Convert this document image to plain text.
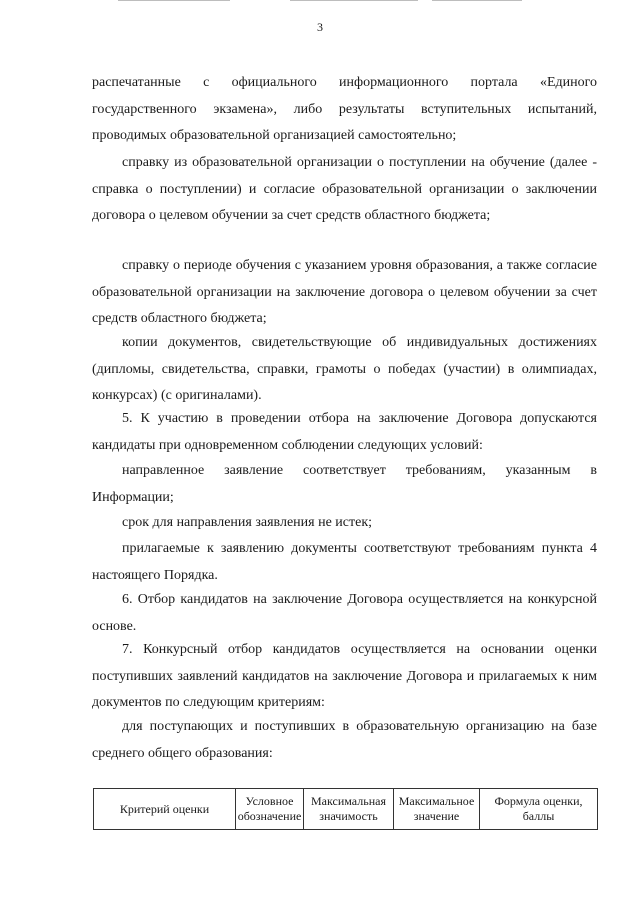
3

распечатанные с официального информационного портала «Единого государственного экзамена», либо результаты вступительных испытаний, проводимых образовательной организацией самостоятельно;

справку из образовательной организации о поступлении на обучение (далее - справка о поступлении) и согласие образовательной организации о заключении договора о целевом обучении за счет средств областного бюджета;

справку о периоде обучения с указанием уровня образования, а также согласие образовательной организации на заключение договора о целевом обучении за счет средств областного бюджета;

копии документов, свидетельствующие об индивидуальных достижениях (дипломы, свидетельства, справки, грамоты о победах (участии) в олимпиадах, конкурсах) (с оригиналами).

5. К участию в проведении отбора на заключение Договора допускаются кандидаты при одновременном соблюдении следующих условий:

направленное заявление соответствует требованиям, указанным в Информации;

срок для направления заявления не истек;

прилагаемые к заявлению документы соответствуют требованиям пункта 4 настоящего Порядка.

6. Отбор кандидатов на заключение Договора осуществляется на конкурсной основе.

7. Конкурсный отбор кандидатов осуществляется на основании оценки поступивших заявлений кандидатов на заключение Договора и прилагаемых к ним документов по следующим критериям:

для поступающих и поступивших в образовательную организацию на базе среднего общего образования:

Критерий оценки
Условное обозначение
Максимальная значимость
Максимальное значение
Формула оценки, баллы
